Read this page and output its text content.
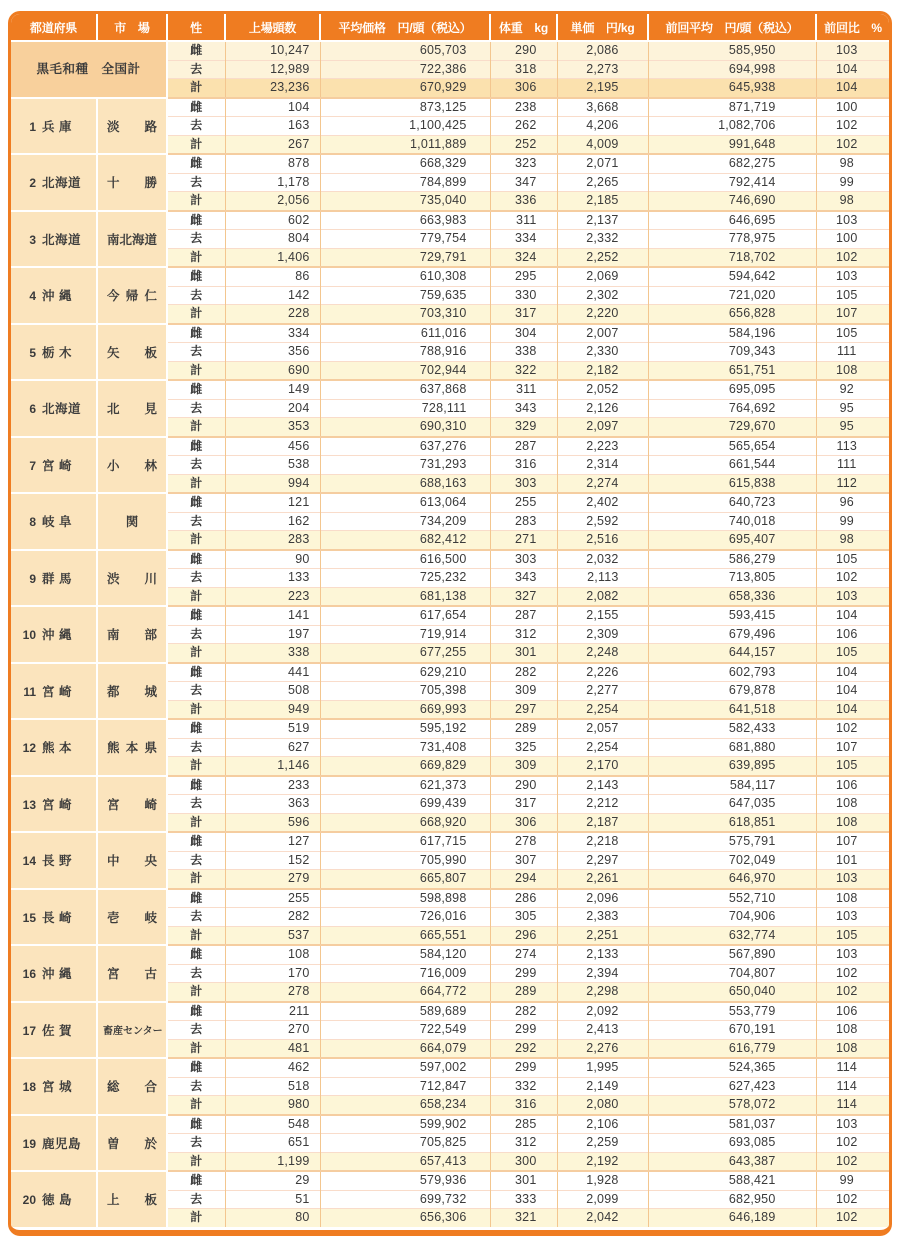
都道府県	市　場	性	上場頭数	平均価格　円/頭（税込）	体重　kg	単価　円/kg	前回平均　円/頭（税込）	前回比　%
黒毛和種　 全国計		雌	10,247	605,703	290	2,086	585,950	103
		去	12,989	722,386	318	2,273	694,998	104
		計	23,236	670,929	306	2,195	645,938	104
1 兵 庫	淡路	雌	104	873,125	238	3,668	871,719	100
		去	163	1,100,425	262	4,206	1,082,706	102
		計	267	1,011,889	252	4,009	991,648	102
2 北海道	十勝	雌	878	668,329	323	2,071	682,275	98
		去	1,178	784,899	347	2,265	792,414	99
		計	2,056	735,040	336	2,185	746,690	98
3 北海道	南北海道	雌	602	663,983	311	2,137	646,695	103
		去	804	779,754	334	2,332	778,975	100
		計	1,406	729,791	324	2,252	718,702	102
4 沖 縄	今帰仁	雌	86	610,308	295	2,069	594,642	103
		去	142	759,635	330	2,302	721,020	105
		計	228	703,310	317	2,220	656,828	107
5 栃 木	矢板	雌	334	611,016	304	2,007	584,196	105
		去	356	788,916	338	2,330	709,343	111
		計	690	702,944	322	2,182	651,751	108
6 北海道	北見	雌	149	637,868	311	2,052	695,095	92
		去	204	728,111	343	2,126	764,692	95
		計	353	690,310	329	2,097	729,670	95
7 宮 崎	小林	雌	456	637,276	287	2,223	565,654	113
		去	538	731,293	316	2,314	661,544	111
		計	994	688,163	303	2,274	615,838	112
8 岐 阜	関	雌	121	613,064	255	2,402	640,723	96
		去	162	734,209	283	2,592	740,018	99
		計	283	682,412	271	2,516	695,407	98
9 群 馬	渋川	雌	90	616,500	303	2,032	586,279	105
		去	133	725,232	343	2,113	713,805	102
		計	223	681,138	327	2,082	658,336	103
10 沖 縄	南部	雌	141	617,654	287	2,155	593,415	104
		去	197	719,914	312	2,309	679,496	106
		計	338	677,255	301	2,248	644,157	105
11 宮 崎	都城	雌	441	629,210	282	2,226	602,793	104
		去	508	705,398	309	2,277	679,878	104
		計	949	669,993	297	2,254	641,518	104
12 熊 本	熊本県	雌	519	595,192	289	2,057	582,433	102
		去	627	731,408	325	2,254	681,880	107
		計	1,146	669,829	309	2,170	639,895	105
13 宮 崎	宮崎	雌	233	621,373	290	2,143	584,117	106
		去	363	699,439	317	2,212	647,035	108
		計	596	668,920	306	2,187	618,851	108
14 長 野	中央	雌	127	617,715	278	2,218	575,791	107
		去	152	705,990	307	2,297	702,049	101
		計	279	665,807	294	2,261	646,970	103
15 長 崎	壱岐	雌	255	598,898	286	2,096	552,710	108
		去	282	726,016	305	2,383	704,906	103
		計	537	665,551	296	2,251	632,774	105
16 沖 縄	宮古	雌	108	584,120	274	2,133	567,890	103
		去	170	716,009	299	2,394	704,807	102
		計	278	664,772	289	2,298	650,040	102
17 佐 賀	畜産センター	雌	211	589,689	282	2,092	553,779	106
		去	270	722,549	299	2,413	670,191	108
		計	481	664,079	292	2,276	616,779	108
18 宮 城	総合	雌	462	597,002	299	1,995	524,365	114
		去	518	712,847	332	2,149	627,423	114
		計	980	658,234	316	2,080	578,072	114
19 鹿児島	曽於	雌	548	599,902	285	2,106	581,037	103
		去	651	705,825	312	2,259	693,085	102
		計	1,199	657,413	300	2,192	643,387	102
20 徳 島	上板	雌	29	579,936	301	1,928	588,421	99
		去	51	699,732	333	2,099	682,950	102
		計	80	656,306	321	2,042	646,189	102
